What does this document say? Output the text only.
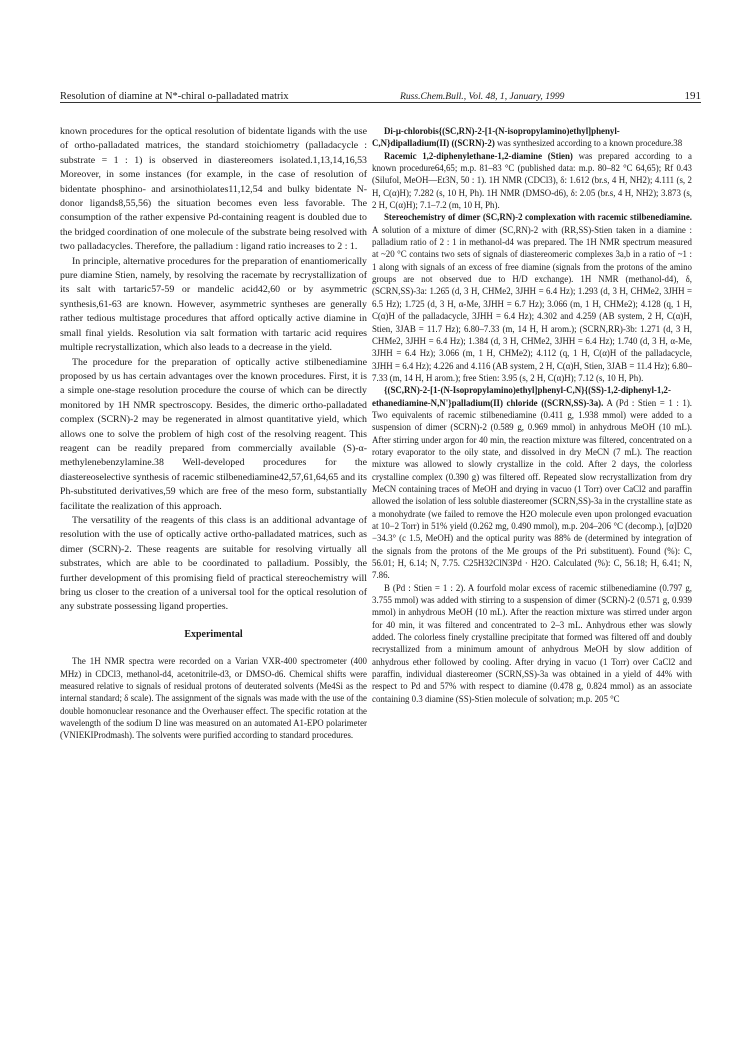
Resolution of diamine at N*-chiral o-palladated matrix	Russ.Chem.Bull., Vol. 48, 1, January, 1999	191

known procedures for the optical resolution of bidentate ligands with the use of ortho-palladated matrices, the standard stoichiometry (palladacycle : substrate = 1 : 1) is observed in diastereomers isolated.1,13,14,16,53 Moreover, in some instances (for example, in the case of resolution of bidentate phosphino- and arsinothiolates11,12,54 and bulky bidentate N-donor ligands8,55,56) the situation becomes even less favorable. The consumption of the rather expensive Pd-containing reagent is doubled due to the bridged coordination of one molecule of the substrate being resolved with two palladacycles. Therefore, the palladium : ligand ratio increases to 2 : 1.

In principle, alternative procedures for the preparation of enantiomerically pure diamine Stien, namely, by resolving the racemate by recrystallization of its salt with tartaric57-59 or mandelic acid42,60 or by asymmetric synthesis,61-63 are known. However, asymmetric syntheses are generally rather tedious multistage procedures that afford optically active diamine in small final yields. Resolution via salt formation with tartaric acid requires multiple recrystallization, which also leads to a decrease in the yield.

The procedure for the preparation of optically active stilbenediamine proposed by us has certain advantages over the known procedures. First, it is a simple one-stage resolution procedure the course of which can be directly monitored by 1H NMR spectroscopy. Besides, the dimeric ortho-palladated complex (SCRN)-2 may be regenerated in almost quantitative yield, which allows one to solve the problem of high cost of the resolving reagent. This reagent can be readily prepared from commercially available (S)-α-methylenebenzylamine.38 Well-developed procedures for the diastereoselective synthesis of racemic stilbenediamine42,57,61,64,65 and its Ph-substituted derivatives,59 which are free of the meso form, substantially facilitate the realization of this approach.

The versatility of the reagents of this class is an additional advantage of resolution with the use of optically active ortho-palladated matrices, such as dimer (SCRN)-2. These reagents are suitable for resolving virtually all substrates, which are able to be coordinated to palladium. Possibly, the further development of this promising field of practical stereochemistry will bring us closer to the creation of a universal tool for the optical resolution of any substrate possessing ligand properties.

Experimental

The 1H NMR spectra were recorded on a Varian VXR-400 spectrometer (400 MHz) in CDCl3, methanol-d4, acetonitrile-d3, or DMSO-d6. Chemical shifts were measured relative to signals of residual protons of deuterated solvents (Me4Si as the internal standard; δ scale). The assignment of the signals was made with the use of the double homonuclear resonance and the Overhauser effect. The specific rotation at the wavelength of the sodium D line was measured on an automated A1-EPO polarimeter (VNIEKIProdmash). The solvents were purified according to standard procedures.

Di-μ-chlorobis{(SC,RN)-2-[1-(N-isopropylamino)ethyl]phenyl-C,N}dipalladium(II) ((SCRN)-2) was synthesized according to a known procedure.38

Racemic 1,2-diphenylethane-1,2-diamine (Stien) was prepared according to a known procedure64,65; m.p. 81–83 °C (published data: m.p. 80–82 °C 64,65); Rf 0.43 (Silufol, MeOH—Et3N, 50 : 1). 1H NMR (CDCl3), δ: 1.612 (br.s, 4 H, NH2); 4.111 (s, 2 H, C(α)H); 7.282 (s, 10 H, Ph). 1H NMR (DMSO-d6), δ: 2.05 (br.s, 4 H, NH2); 3.873 (s, 2 H, C(α)H); 7.1–7.2 (m, 10 H, Ph).

Stereochemistry of dimer (SC,RN)-2 complexation with racemic stilbenediamine. A solution of a mixture of dimer (SC,RN)-2 with (RR,SS)-Stien taken in a diamine : palladium ratio of 2 : 1 in methanol-d4 was prepared. The 1H NMR spectrum measured at ~20 °C contains two sets of signals of diastereomeric complexes 3a,b in a ratio of ~1 : 1 along with signals of an excess of free diamine (signals from the protons of the amino groups are not observed due to H/D exchange). 1H NMR (methanol-d4), δ, (SCRN,SS)-3a: 1.265 (d, 3 H, CHMe2, 3JHH = 6.4 Hz); 1.293 (d, 3 H, CHMe2, 3JHH = 6.5 Hz); 1.725 (d, 3 H, α-Me, 3JHH = 6.7 Hz); 3.066 (m, 1 H, CHMe2); 4.128 (q, 1 H, C(α)H of the palladacycle, 3JHH = 6.4 Hz); 4.302 and 4.259 (AB system, 2 H, C(α)H, Stien, 3JAB = 11.7 Hz); 6.80–7.33 (m, 14 H, H arom.); (SCRN,RR)-3b: 1.271 (d, 3 H, CHMe2, 3JHH = 6.4 Hz); 1.384 (d, 3 H, CHMe2, 3JHH = 6.4 Hz); 1.740 (d, 3 H, α-Me, 3JHH = 6.4 Hz); 3.066 (m, 1 H, CHMe2); 4.112 (q, 1 H, C(α)H of the palladacycle, 3JHH = 6.4 Hz); 4.226 and 4.116 (AB system, 2 H, C(α)H, Stien, 3JAB = 11.4 Hz); 6.80–7.33 (m, 14 H, H arom.); free Stien: 3.95 (s, 2 H, C(α)H); 7.12 (s, 10 H, Ph).

{(SC,RN)-2-[1-(N-Isopropylamino)ethyl]phenyl-C,N}{(SS)-1,2-diphenyl-1,2-ethanediamine-N,N'}palladium(II) chloride ((SCRN,SS)-3a). A (Pd : Stien = 1 : 1). Two equivalents of racemic stilbenediamine (0.411 g, 1.938 mmol) were added to a suspension of dimer (SCRN)-2 (0.589 g, 0.969 mmol) in anhydrous MeOH (10 mL). After stirring under argon for 40 min, the reaction mixture was filtered, concentrated on a rotary evaporator to the oily state, and dissolved in dry MeCN (7 mL). The reaction mixture was allowed to slowly crystallize in the cold. After 2 days, the colorless crystalline complex (0.390 g) was filtered off. Repeated slow recrystallization from dry MeCN containing traces of MeOH and drying in vacuo (1 Torr) over CaCl2 and paraffin allowed the isolation of less soluble diastereomer (SCRN,SS)-3a in the crystalline state as a monohydrate (we failed to remove the H2O molecule even upon prolonged evacuation at 10−2 Torr) in 51% yield (0.262 mg, 0.490 mmol), m.p. 204–206 °C (decomp.), [α]D20 −34.3° (c 1.5, MeOH) and the optical purity was 88% de (determined by integration of the signals from the protons of the Me groups of the Pri substituent). Found (%): C, 56.01; H, 6.14; N, 7.75. C25H32ClN3Pd · H2O. Calculated (%): C, 56.18; H, 6.41; N, 7.86.

B (Pd : Stien = 1 : 2). A fourfold molar excess of racemic stilbenediamine (0.797 g, 3.755 mmol) was added with stirring to a suspension of dimer (SCRN)-2 (0.571 g, 0.939 mmol) in anhydrous MeOH (10 mL). After the reaction mixture was stirred under argon for 40 min, it was filtered and concentrated to 2–3 mL. Anhydrous ether was slowly added. The colorless finely crystalline precipitate that formed was filtered off and doubly recrystallized from a minimum amount of anhydrous MeOH by slow addition of anhydrous ether followed by cooling. After drying in vacuo (1 Torr) over CaCl2 and paraffin, individual diastereomer (SCRN,SS)-3a was obtained in a yield of 44% with respect to Pd and 57% with respect to diamine (0.478 g, 0.824 mmol) as an associate containing 0.3 diamine (SS)-Stien molecule of solvation; m.p. 205 °C
